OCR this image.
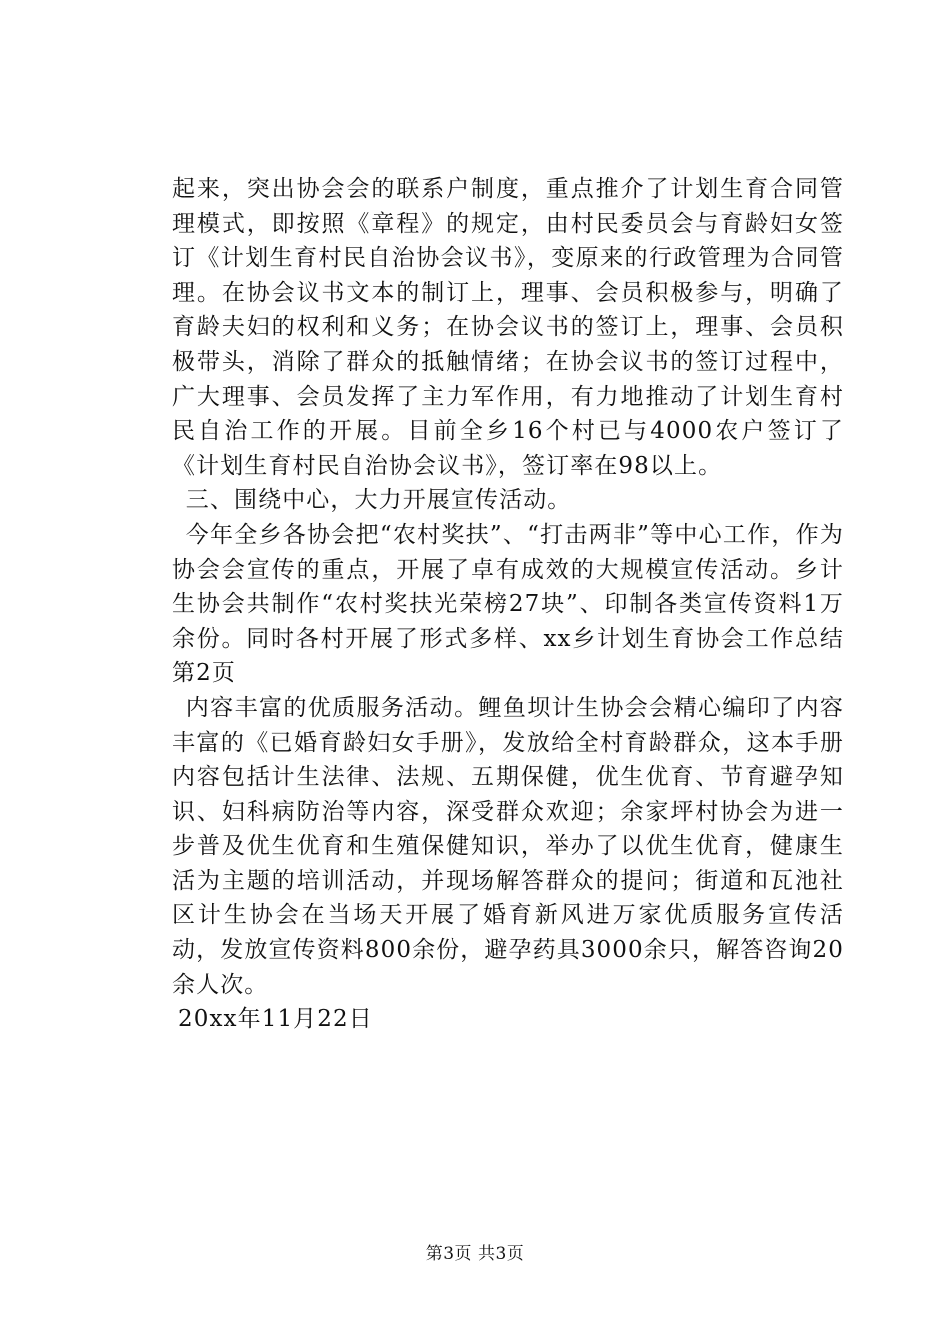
起来，突出协会会的联系户制度，重点推介了计划生育合同管理模式，即按照《章程》的规定，由村民委员会与育龄妇女签订《计划生育村民自治协会议书》，变原来的行政管理为合同管理。在协会议书文本的制订上，理事、会员积极参与，明确了育龄夫妇的权利和义务；在协会议书的签订上，理事、会员积极带头，消除了群众的抵触情绪；在协会议书的签订过程中，广大理事、会员发挥了主力军作用，有力地推动了计划生育村民自治工作的开展。目前全乡16个村已与4000农户签订了《计划生育村民自治协会议书》，签订率在98以上。

三、围绕中心，大力开展宣传活动。

今年全乡各协会把“农村奖扶”、“打击两非”等中心工作，作为协会会宣传的重点，开展了卓有成效的大规模宣传活动。乡计生协会共制作“农村奖扶光荣榜27块”、印制各类宣传资料1万余份。同时各村开展了形式多样、xx乡计划生育协会工作总结第2页

内容丰富的优质服务活动。鲤鱼坝计生协会会精心编印了内容丰富的《已婚育龄妇女手册》，发放给全村育龄群众，这本手册内容包括计生法律、法规、五期保健，优生优育、节育避孕知识、妇科病防治等内容，深受群众欢迎；余家坪村协会为进一步普及优生优育和生殖保健知识，举办了以优生优育，健康生活为主题的培训活动，并现场解答群众的提问；街道和瓦池社区计生协会在当场天开展了婚育新风进万家优质服务宣传活动，发放宣传资料800余份，避孕药具3000余只，解答咨询20余人次。

20xx年11月22日

第3页 共3页
